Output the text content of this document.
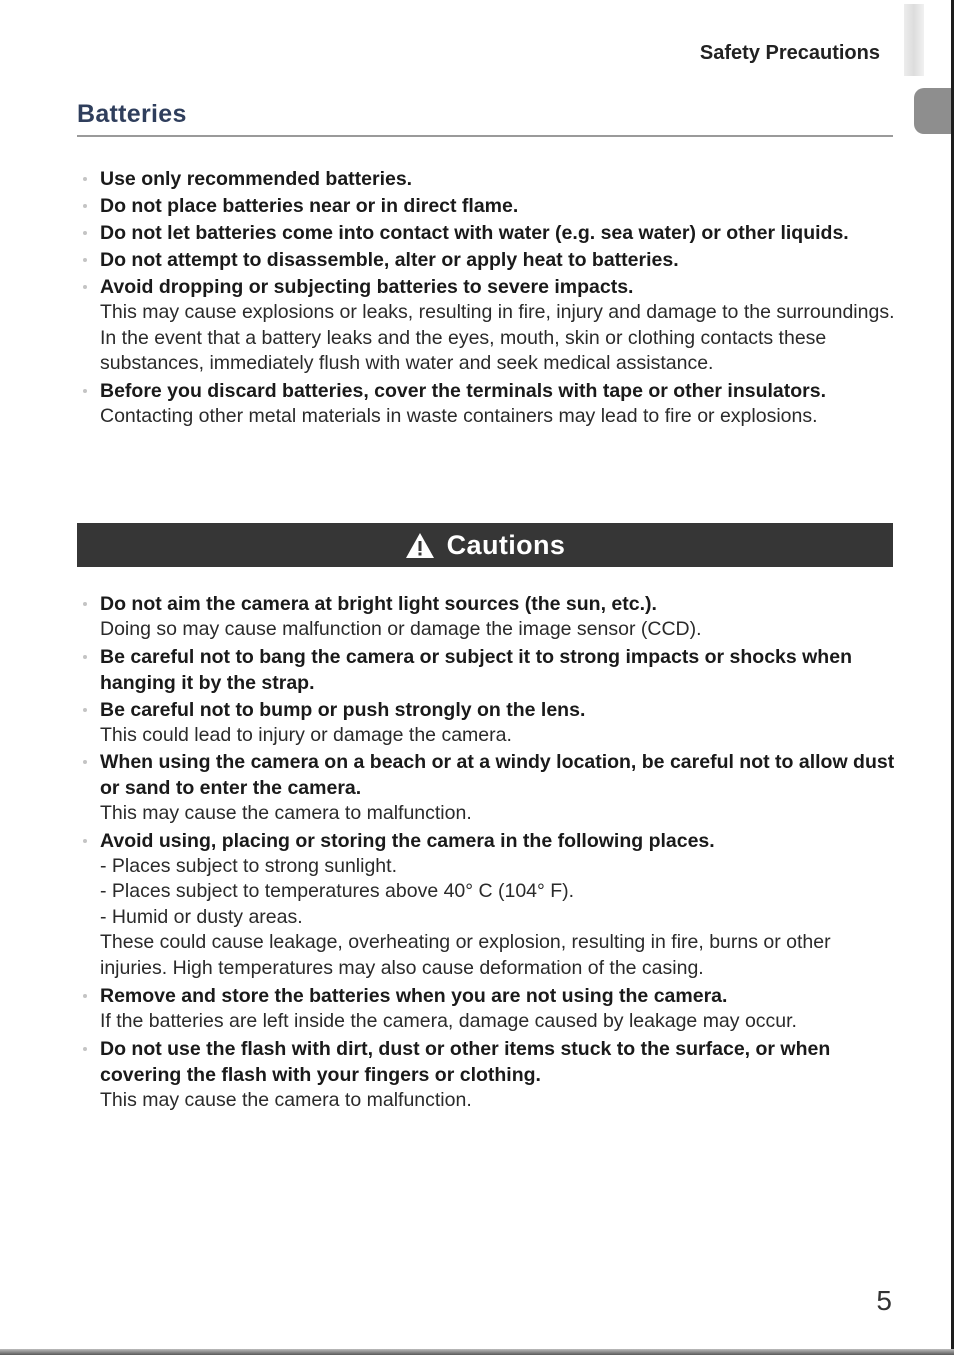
Safety Precautions
Batteries
Use only recommended batteries.
Do not place batteries near or in direct flame.
Do not let batteries come into contact with water (e.g. sea water) or other liquids.
Do not attempt to disassemble, alter or apply heat to batteries.
Avoid dropping or subjecting batteries to severe impacts.
This may cause explosions or leaks, resulting in fire, injury and damage to the surroundings. In the event that a battery leaks and the eyes, mouth, skin or clothing contacts these substances, immediately flush with water and seek medical assistance.
Before you discard batteries, cover the terminals with tape or other insulators.
Contacting other metal materials in waste containers may lead to fire or explosions.
Cautions
Do not aim the camera at bright light sources (the sun, etc.).
Doing so may cause malfunction or damage the image sensor (CCD).
Be careful not to bang the camera or subject it to strong impacts or shocks when hanging it by the strap.
Be careful not to bump or push strongly on the lens.
This could lead to injury or damage the camera.
When using the camera on a beach or at a windy location, be careful not to allow dust or sand to enter the camera.
This may cause the camera to malfunction.
Avoid using, placing or storing the camera in the following places.
- Places subject to strong sunlight.
- Places subject to temperatures above 40° C (104° F).
- Humid or dusty areas.
These could cause leakage, overheating or explosion, resulting in fire, burns or other injuries. High temperatures may also cause deformation of the casing.
Remove and store the batteries when you are not using the camera.
If the batteries are left inside the camera, damage caused by leakage may occur.
Do not use the flash with dirt, dust or other items stuck to the surface, or when covering the flash with your fingers or clothing.
This may cause the camera to malfunction.
5
